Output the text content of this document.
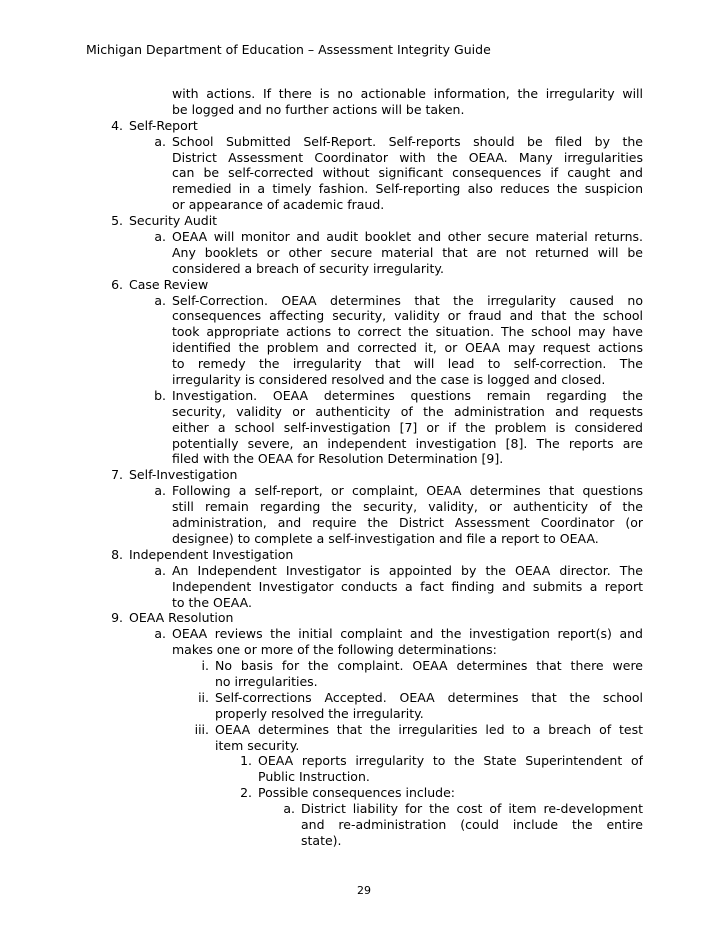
Michigan Department of Education – Assessment Integrity Guide
with actions. If there is no actionable information, the irregularity will
be logged and no further actions will be taken.
4. Self-Report
a. School Submitted Self-Report. Self-reports should be filed by the
District Assessment Coordinator with the OEAA. Many irregularities
can be self-corrected without significant consequences if caught and
remedied in a timely fashion. Self-reporting also reduces the suspicion
or appearance of academic fraud.
5. Security Audit
a. OEAA will monitor and audit booklet and other secure material returns.
Any booklets or other secure material that are not returned will be
considered a breach of security irregularity.
6. Case Review
a. Self-Correction. OEAA determines that the irregularity caused no
consequences affecting security, validity or fraud and that the school
took appropriate actions to correct the situation. The school may have
identified the problem and corrected it, or OEAA may request actions
to remedy the irregularity that will lead to self-correction. The
irregularity is considered resolved and the case is logged and closed.
b. Investigation. OEAA determines questions remain regarding the
security, validity or authenticity of the administration and requests
either a school self-investigation [7] or if the problem is considered
potentially severe, an independent investigation [8]. The reports are
filed with the OEAA for Resolution Determination [9].
7. Self-Investigation
a. Following a self-report, or complaint, OEAA determines that questions
still remain regarding the security, validity, or authenticity of the
administration, and require the District Assessment Coordinator (or
designee) to complete a self-investigation and file a report to OEAA.
8. Independent Investigation
a. An Independent Investigator is appointed by the OEAA director. The
Independent Investigator conducts a fact finding and submits a report
to the OEAA.
9. OEAA Resolution
a. OEAA reviews the initial complaint and the investigation report(s) and
makes one or more of the following determinations:
i. No basis for the complaint. OEAA determines that there were
no irregularities.
ii. Self-corrections Accepted. OEAA determines that the school
properly resolved the irregularity.
iii. OEAA determines that the irregularities led to a breach of test
item security.
1. OEAA reports irregularity to the State Superintendent of
Public Instruction.
2. Possible consequences include:
a. District liability for the cost of item re-development
and re-administration (could include the entire
state).
29
